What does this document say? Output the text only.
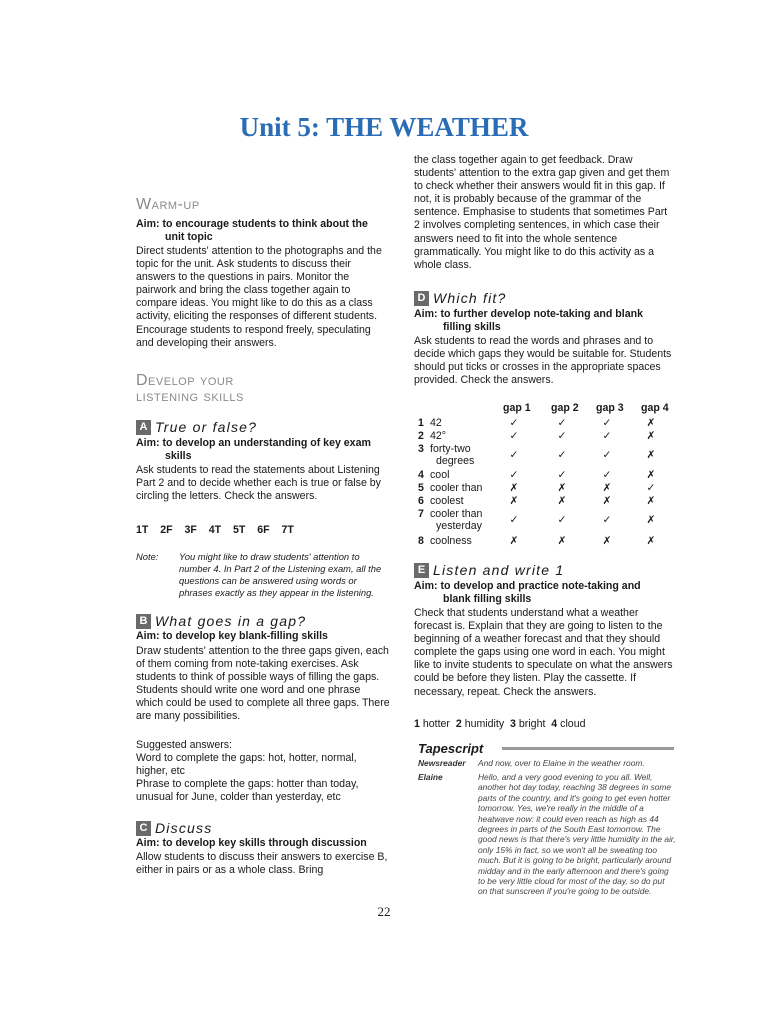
Unit 5: THE WEATHER

Warm-up

Aim: to encourage students to think about the
unit topic

Direct students' attention to the photographs and the topic for the unit. Ask students to discuss their answers to the questions in pairs. Monitor the pairwork and bring the class together again to compare ideas. You might like to do this as a class activity, eliciting the responses of different students. Encourage students to respond freely, speculating and developing their answers.

Develop your

listening skills

A True or false?

Aim: to develop an understanding of key exam
skills

Ask students to read the statements about Listening Part 2 and to decide whether each is true or false by circling the letters. Check the answers.

1T  2F  3F  4T  5T  6F  7T
Note:	You might like to draw students' attention to number 4. In Part 2 of the Listening exam, all the questions can be answered using words or phrases exactly as they appear in the listening.
B What goes in a gap?

Aim: to develop key blank-filling skills

Draw students' attention to the three gaps given, each of them coming from note-taking exercises. Ask students to think of possible ways of filling the gaps. Students should write one word and one phrase which could be used to complete all three gaps. There are many possibilities.

Suggested answers:
Word to complete the gaps: hot, hotter, normal, higher, etc
Phrase to complete the gaps: hotter than today, unusual for June, colder than yesterday, etc
C Discuss

Aim: to develop key skills through discussion

Allow students to discuss their answers to exercise B, either in pairs or as a whole class. Bring

the class together again to get feedback. Draw students' attention to the extra gap given and get them to check whether their answers would fit in this gap. If not, it is probably because of the grammar of the sentence. Emphasise to students that sometimes Part 2 involves completing sentences, in which case their answers need to fit into the whole sentence grammatically. You might like to do this activity as a whole class.

D Which fit?

Aim: to further develop note-taking and blank
filling skills

Ask students to read the words and phrases and to decide which gaps they would be suitable for. Students should put ticks or crosses in the appropriate spaces provided. Check the answers.

gap 1 gap 2 gap 3 gap 4
1 42	✓	✓	✓	✗
2 42°	✓	✓	✓	✗
3 forty-two
degrees	✓	✓	✓	✗
4 cool	✓	✓	✓	✗
5 cooler than	✗	✗	✗	✓
6 coolest	✗	✗	✗	✗
7 cooler than
yesterday	✓	✓	✓	✗
8 coolness	✗	✗	✗	✗
E Listen and write 1

Aim: to develop and practice note-taking and
blank filling skills

Check that students understand what a weather forecast is. Explain that they are going to listen to the beginning of a weather forecast and that they should complete the gaps using one word in each. You might like to invite students to speculate on what the answers could be before they listen. Play the cassette. If necessary, repeat. Check the answers.

1 hotter 2 humidity 3 bright 4 cloud
Tapescript
Newsreader And now, over to Elaine in the weather room.
Elaine	Hello, and a very good evening to you all. Well, another hot day today, reaching 38 degrees in some parts of the country, and it's going to get even hotter tomorrow. Yes, we're really in the middle of a heatwave now: it could even reach as high as 44 degrees in parts of the South East tomorrow. The good news is that there's very little humidity in the air, only 15% in fact, so we won't all be sweating too much. But it is going to be bright, particularly around midday and in the early afternoon and there's going to be very little cloud for most of the day, so do put on that sunscreen if you're going to be outside.
22
